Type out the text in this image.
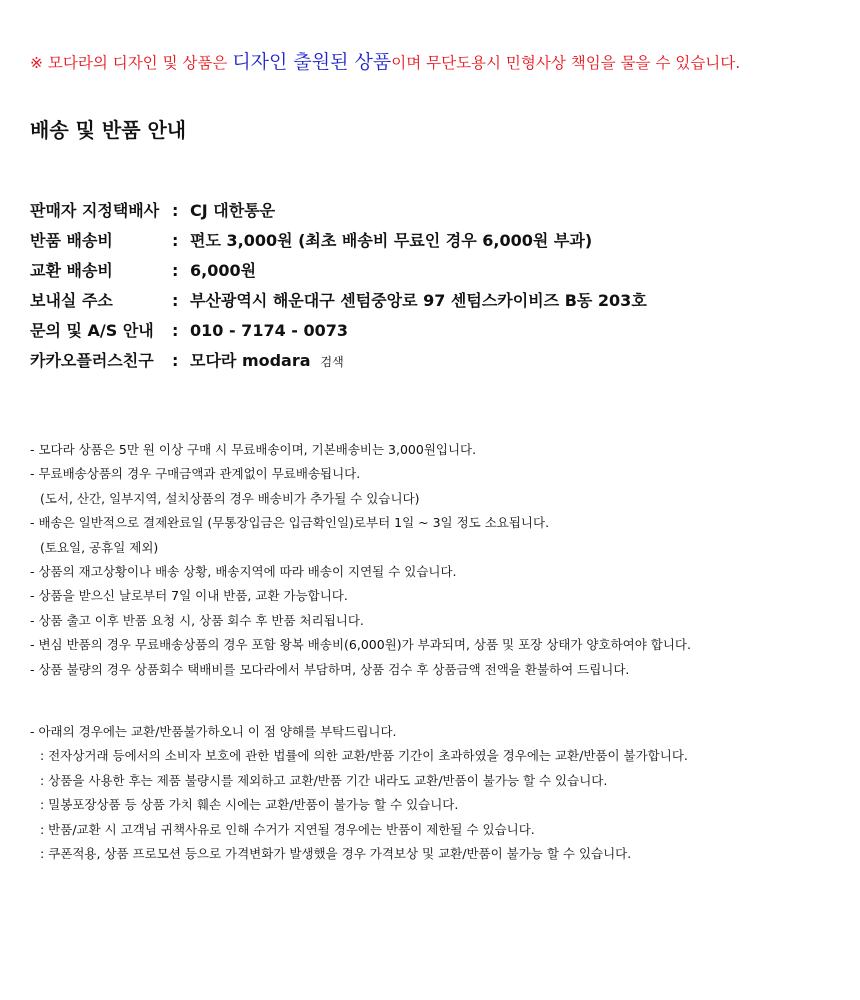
※ 모다라의 디자인 및 상품은 디자인 출원된 상품이며 무단도용시 민형사상 책임을 물을 수 있습니다.
배송 및 반품 안내
판매자 지정택배사 : CJ 대한통운
반품 배송비	: 편도 3,000원 (최초 배송비 무료인 경우 6,000원 부과)
교환 배송비	: 6,000원
보내실 주소	: 부산광역시 해운대구 센텀중앙로 97 센텀스카이비즈 B동 203호
문의 및 A/S 안내 : 010 - 7174 - 0073
카카오플러스친구 : 모다라 modara 검색
- 모다라 상품은 5만 원 이상 구매 시 무료배송이며, 기본배송비는 3,000원입니다.
- 무료배송상품의 경우 구매금액과 관계없이 무료배송됩니다.
(도서, 산간, 일부지역, 설치상품의 경우 배송비가 추가될 수 있습니다)
- 배송은 일반적으로 결제완료일 (무통장입금은 입금확인일)로부터 1일 ~ 3일 정도 소요됩니다.
(토요일, 공휴일 제외)
- 상품의 재고상황이나 배송 상황, 배송지역에 따라 배송이 지연될 수 있습니다.
- 상품을 받으신 날로부터 7일 이내 반품, 교환 가능합니다.
- 상품 출고 이후 반품 요청 시, 상품 회수 후 반품 처리됩니다.
- 변심 반품의 경우 무료배송상품의 경우 포함 왕복 배송비(6,000원)가 부과되며, 상품 및 포장 상태가 양호하여야 합니다.
- 상품 불량의 경우 상품회수 택배비를 모다라에서 부담하며, 상품 검수 후 상품금액 전액을 환불하여 드립니다.
- 아래의 경우에는 교환/반품불가하오니 이 점 양해를 부탁드립니다.
: 전자상거래 등에서의 소비자 보호에 관한 법률에 의한 교환/반품 기간이 초과하였을 경우에는 교환/반품이 불가합니다.
: 상품을 사용한 후는 제품 불량시를 제외하고 교환/반품 기간 내라도 교환/반품이 불가능 할 수 있습니다.
: 밀봉포장상품 등 상품 가치 훼손 시에는 교환/반품이 불가능 할 수 있습니다.
: 반품/교환 시 고객님 귀책사유로 인해 수거가 지연될 경우에는 반품이 제한될 수 있습니다.
: 쿠폰적용, 상품 프로모션 등으로 가격변화가 발생했을 경우 가격보상 및 교환/반품이 불가능 할 수 있습니다.
